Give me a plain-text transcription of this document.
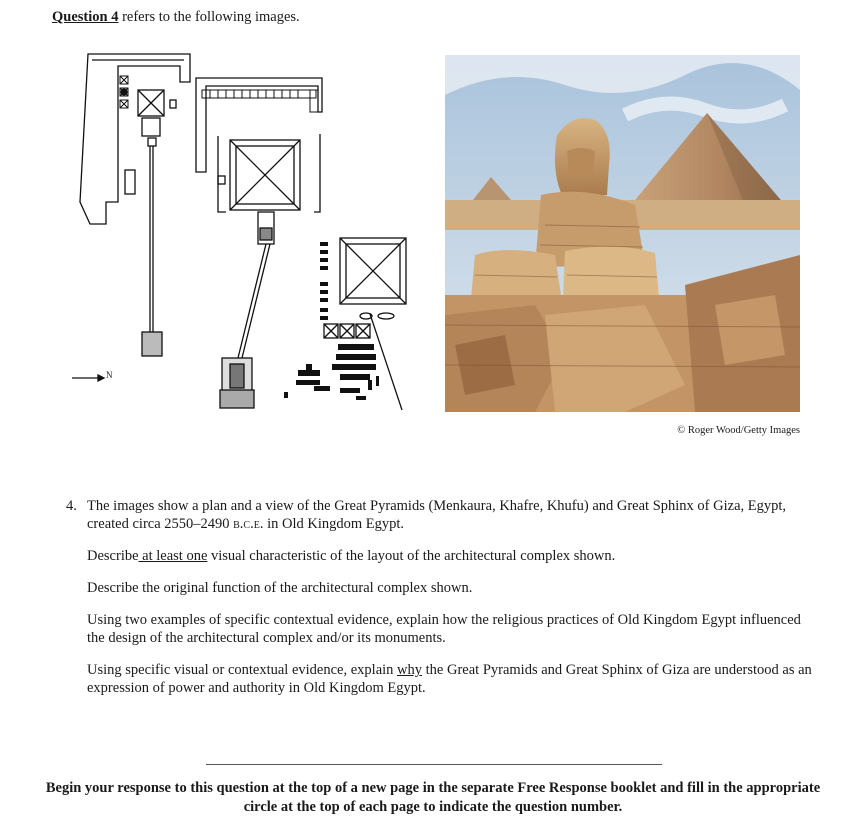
Question 4 refers to the following images.
N
© Roger Wood/Getty Images
4. The images show a plan and a view of the Great Pyramids (Menkaura, Khafre, Khufu) and Great Sphinx of Giza, Egypt, created circa 2550–2490 b.c.e. in Old Kingdom Egypt.

Describe at least one visual characteristic of the layout of the architectural complex shown.

Describe the original function of the architectural complex shown.

Using two examples of specific contextual evidence, explain how the religious practices of Old Kingdom Egypt influenced the design of the architectural complex and/or its monuments.

Using specific visual or contextual evidence, explain why the Great Pyramids and Great Sphinx of Giza are understood as an expression of power and authority in Old Kingdom Egypt.

Begin your response to this question at the top of a new page in the separate Free Response booklet and fill in the appropriate circle at the top of each page to indicate the question number.
